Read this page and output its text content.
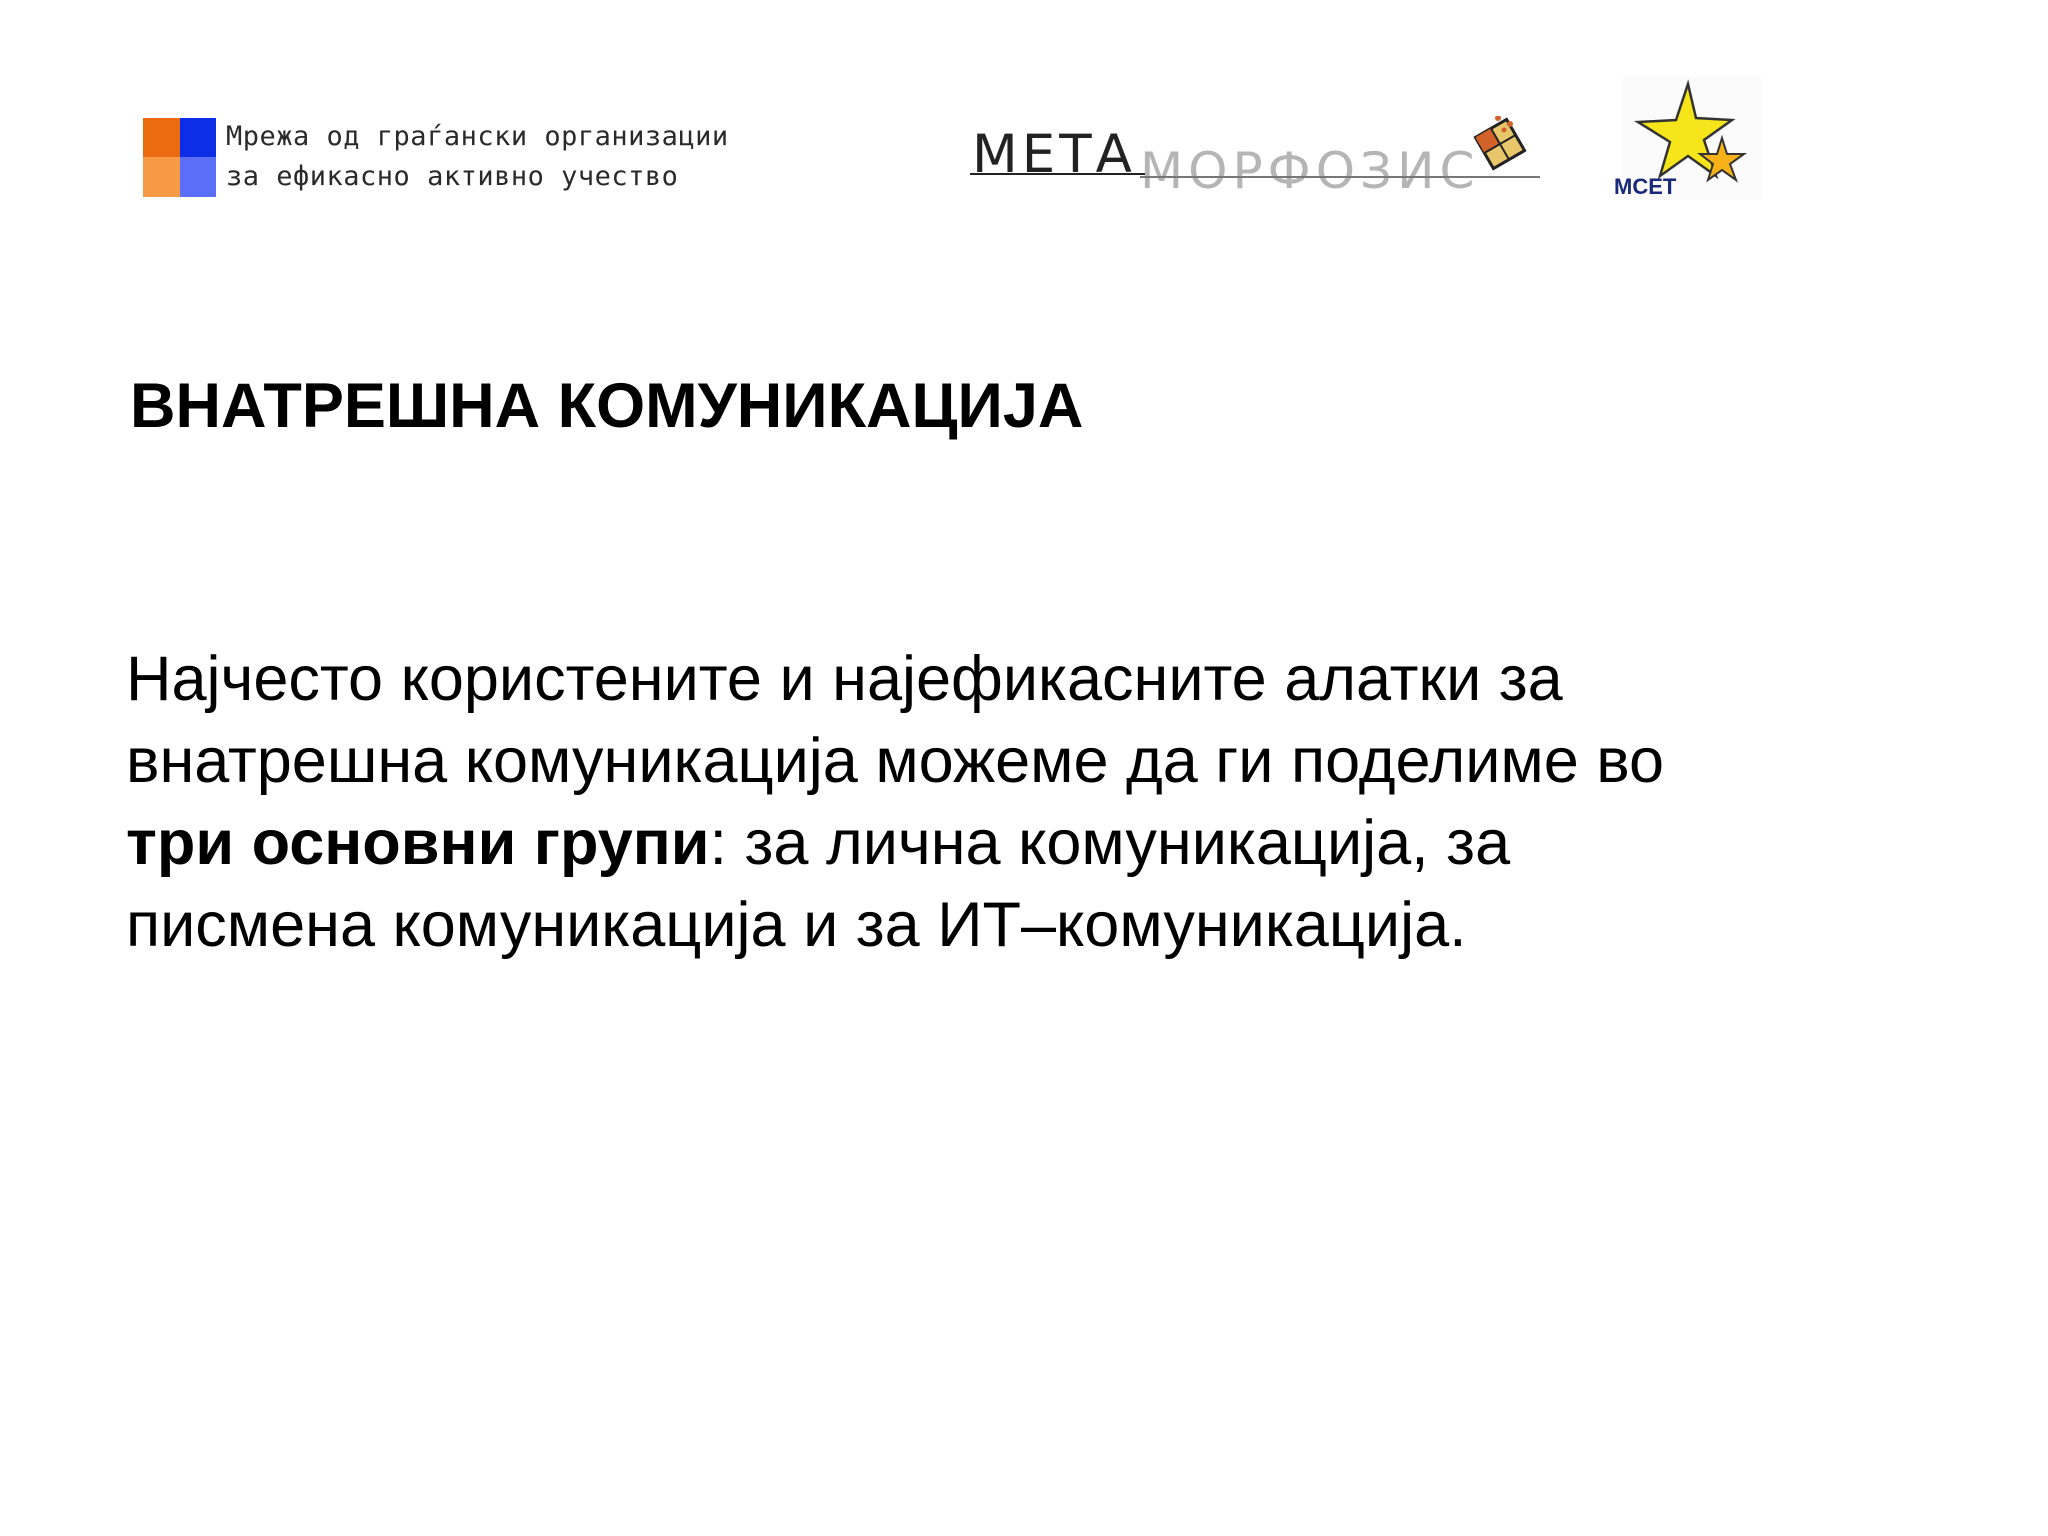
Мрежа од граѓански организации
за ефикасно активно учество	МЕТА МОРФОЗИС	МCЕТ
ВНАТРЕШНА КОМУНИКАЦИЈА

Најчесто користените и најефикасните алатки за
внатрешна комуникација можеме да ги поделиме во
три основни групи: за лична комуникација, за
писмена комуникација и за ИТ–комуникација.
